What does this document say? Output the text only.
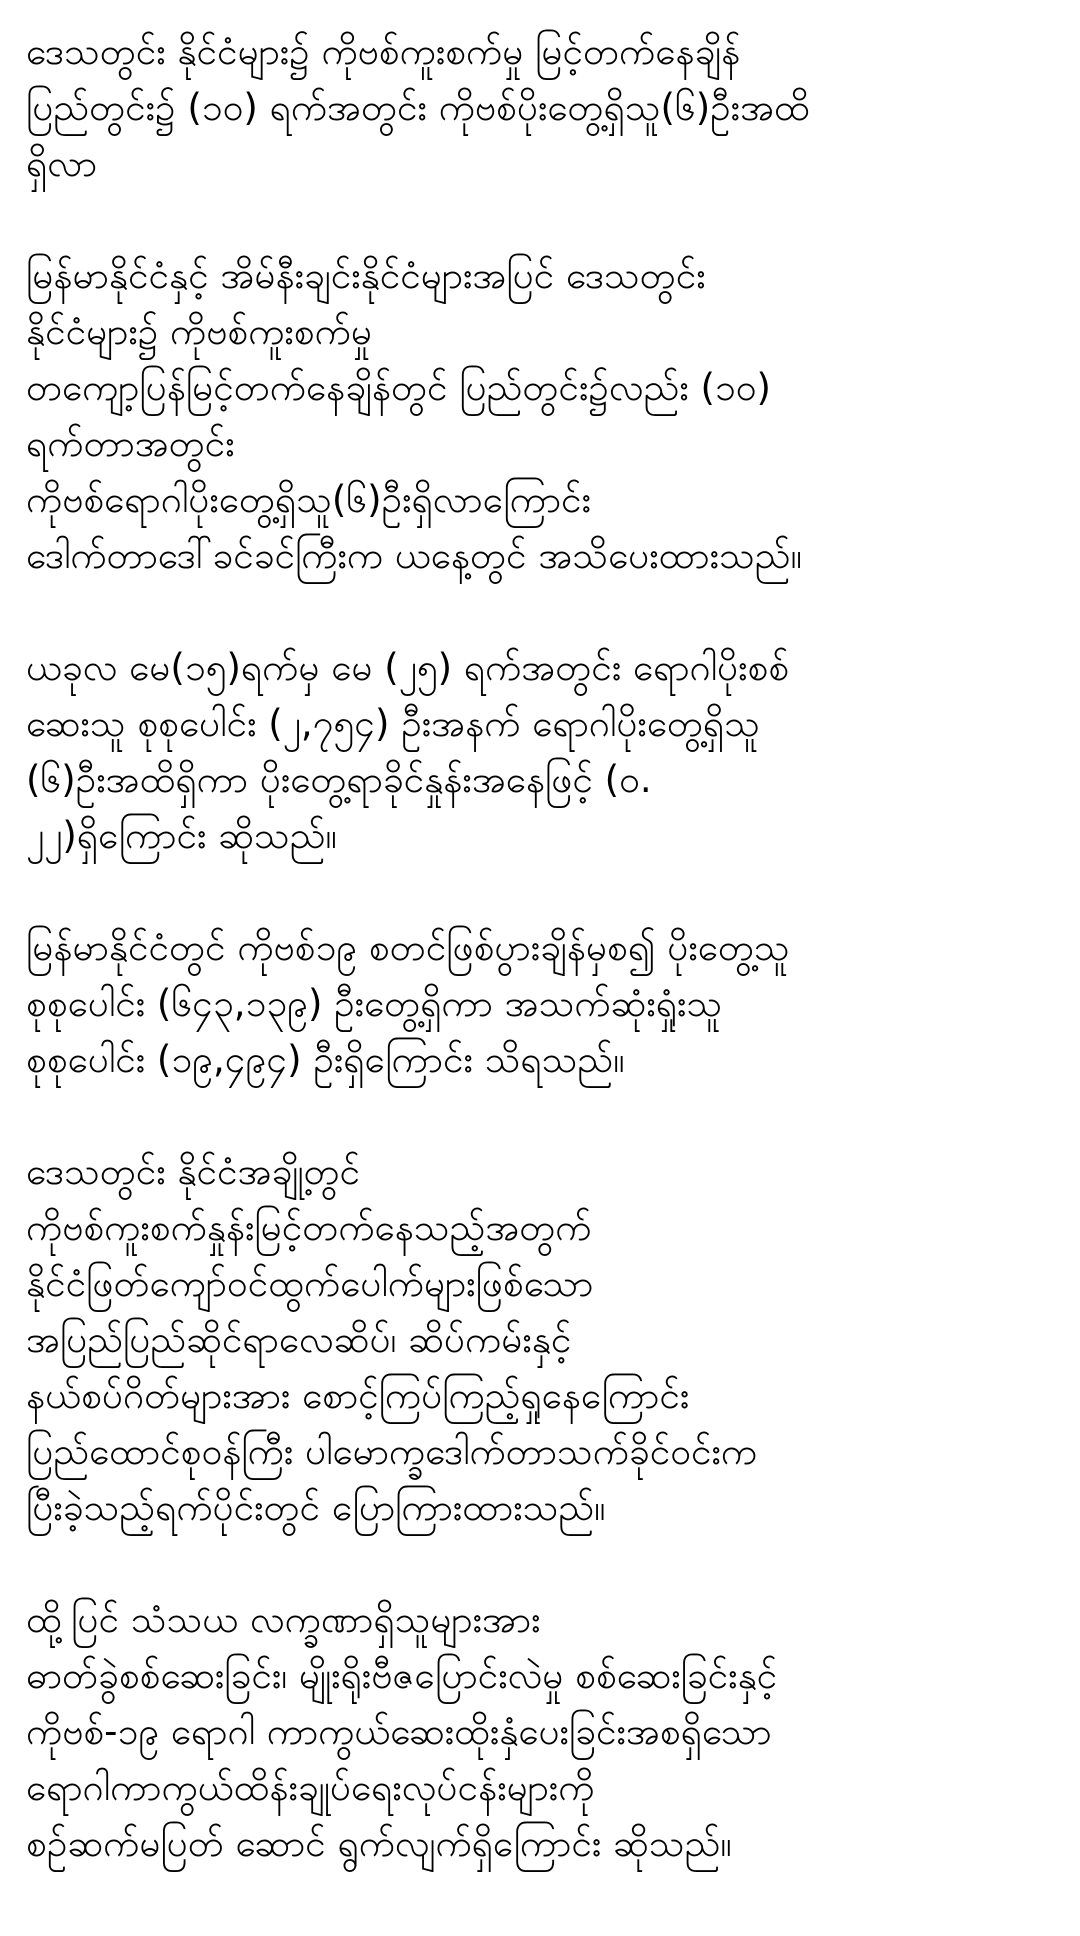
ဒေသတွင်း နိုင်ငံများ၌ ကိုဗစ်ကူးစက်မှု မြင့်တက်နေချိန်
ပြည်တွင်း၌ (၁၀) ရက်အတွင်း ကိုဗစ်ပိုးတွေ့ရှိသူ(၆)ဦးအထိ
ရှိလာ

မြန်မာနိုင်ငံနှင့် အိမ်နီးချင်းနိုင်ငံများအပြင် ဒေသတွင်း
နိုင်ငံများ၌ ကိုဗစ်ကူးစက်မှု
တကျော့ပြန်မြင့်တက်နေချိန်တွင် ပြည်တွင်း၌လည်း (၁၀)
ရက်တာအတွင်း
ကိုဗစ်ရောဂါပိုးတွေ့ရှိသူ(၆)ဦးရှိလာကြောင်း
ဒေါက်တာဒေါ်ခင်ခင်ကြီးက ယနေ့တွင် အသိပေးထားသည်။

ယခုလ မေ(၁၅)ရက်မှ မေ (၂၅) ရက်အတွင်း ရောဂါပိုးစစ်
ဆေးသူ စုစုပေါင်း (၂,၇၅၄) ဦးအနက် ရောဂါပိုးတွေ့ရှိသူ
(၆)ဦးအထိရှိကာ ပိုးတွေ့ရာခိုင်နှုန်းအနေဖြင့် (၀.
၂၂)ရှိကြောင်း ဆိုသည်။

မြန်မာနိုင်ငံတွင် ကိုဗစ်၁၉ စတင်ဖြစ်ပွားချိန်မှစ၍ ပိုးတွေ့သူ
စုစုပေါင်း (၆၄၃,၁၃၉) ဦးတွေ့ရှိကာ အသက်ဆုံးရှုံးသူ
စုစုပေါင်း (၁၉,၄၉၄) ဦးရှိကြောင်း သိရသည်။

ဒေသတွင်း နိုင်ငံအချို့တွင်
ကိုဗစ်ကူးစက်နှုန်းမြင့်တက်နေသည့်အတွက်
နိုင်ငံဖြတ်ကျော်ဝင်ထွက်ပေါက်များဖြစ်သော
အပြည်ပြည်ဆိုင်ရာလေဆိပ်၊ ဆိပ်ကမ်းနှင့်
နယ်စပ်ဂိတ်များအား စောင့်ကြပ်ကြည့်ရှုနေကြောင်း
ပြည်ထောင်စုဝန်ကြီး ပါမောက္ခဒေါက်တာသက်ခိုင်ဝင်းက
ပြီးခဲ့သည့်ရက်ပိုင်းတွင် ပြောကြားထားသည်။

ထို့ပြင် သံသယ လက္ခဏာရှိသူများအား
ဓာတ်ခွဲစစ်ဆေးခြင်း၊ မျိုးရိုးဗီဇပြောင်းလဲမှု စစ်ဆေးခြင်းနှင့်
ကိုဗစ်-၁၉ ရောဂါ ကာကွယ်ဆေးထိုးနှံပေးခြင်းအစရှိသော
ရောဂါကာကွယ်ထိန်းချုပ်ရေးလုပ်ငန်းများကို
စဉ်ဆက်မပြတ် ဆောင် ရွက်လျက်ရှိကြောင်း ဆိုသည်။
